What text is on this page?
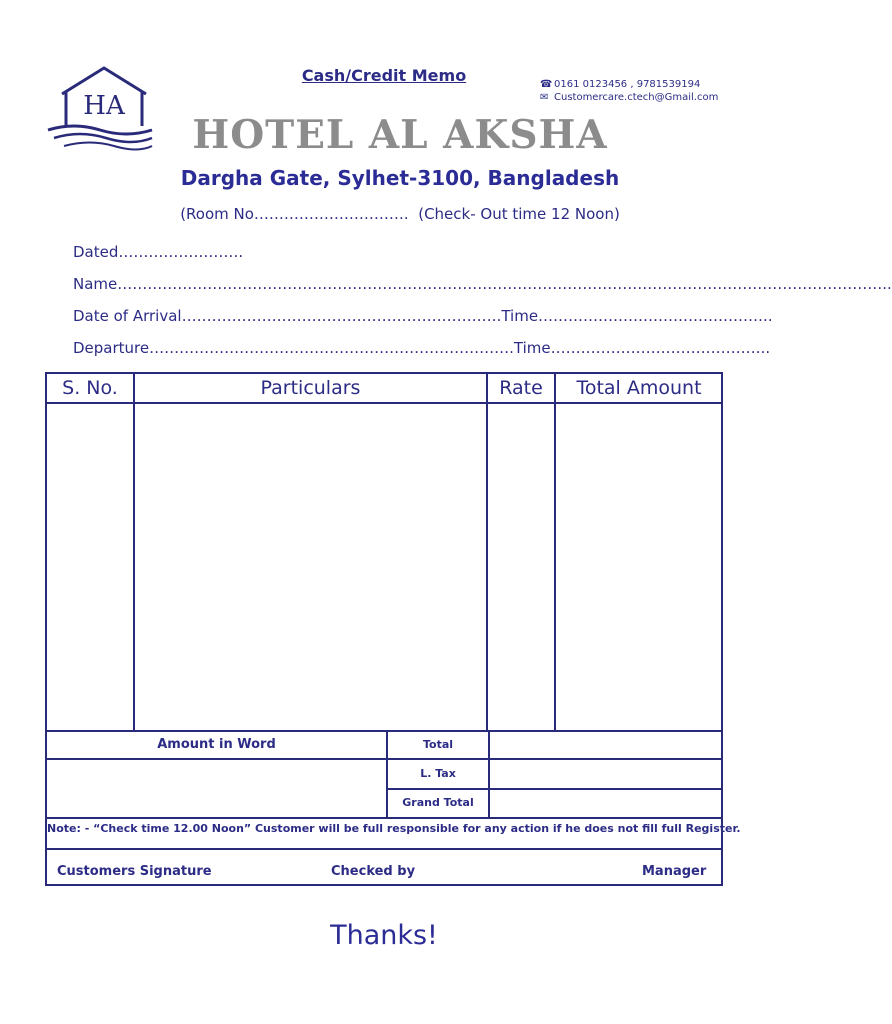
HA
Cash/Credit Memo	☎ 0161 0123456 , 9781539194
✉ Customercare.ctech@Gmail.com
HOTEL AL AKSHA
Dargha Gate, Sylhet-3100, Bangladesh
(Room No………………………….  (Check- Out time 12 Noon)
Dated…………………….
Name………………………………………………………………………………………………………………………………………..
Date of Arrival……………………………………………………….Time………………………………………..
Departure……………………………………………………………….Time……………………………………..
S. No.	Particulars	Rate	Total Amount
Amount in Word	Total
L. Tax
Grand Total
Note: - “Check time 12.00 Noon” Customer will be full responsible for any action if he does not fill full Register.
Customers Signature	Checked by	Manager
Thanks!
